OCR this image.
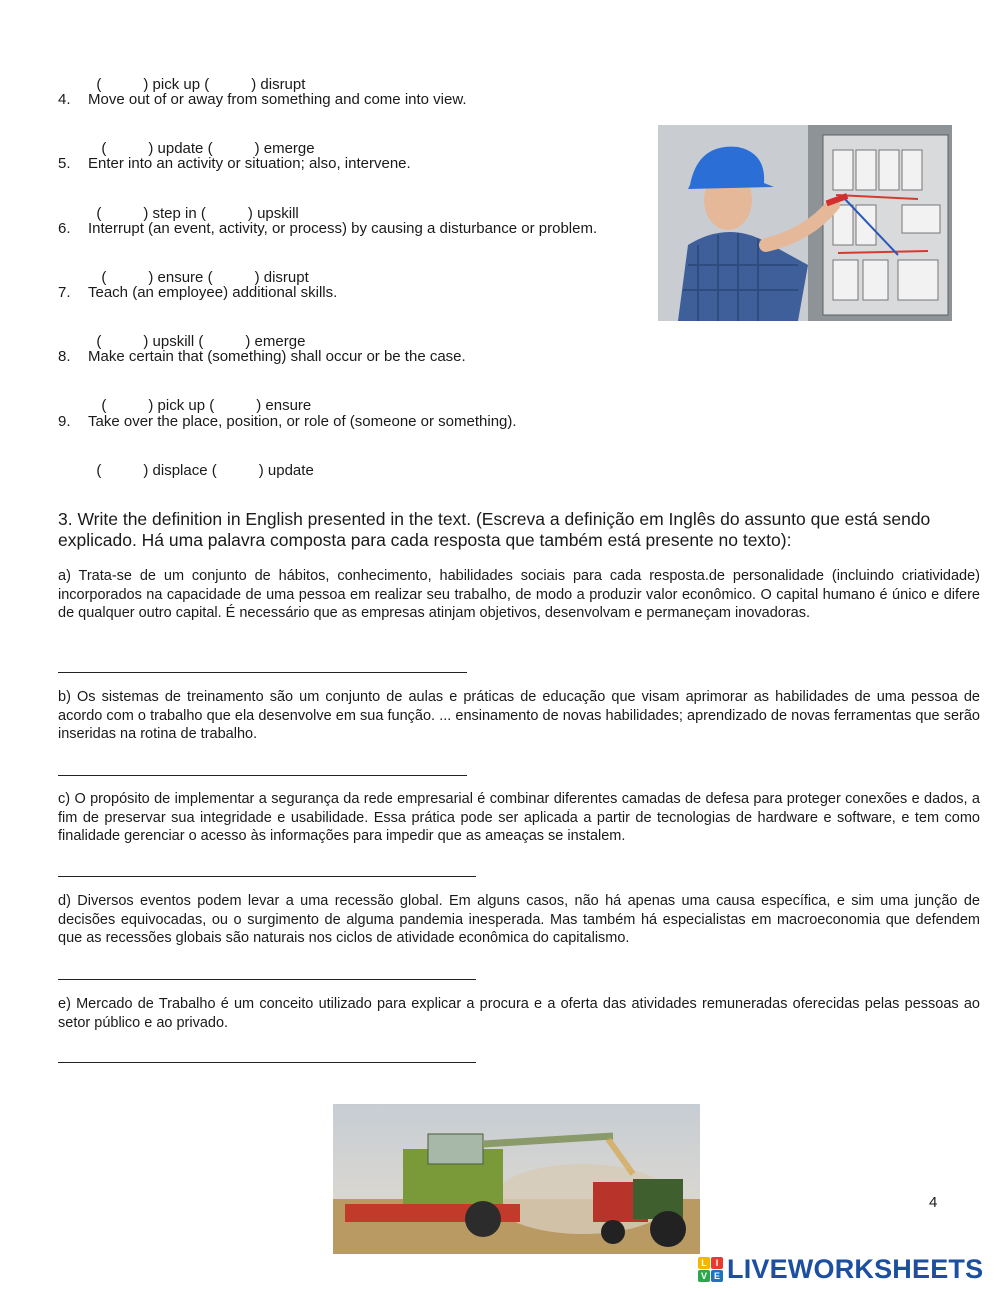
(	) pick up (	) disrupt

4. Move out of or away from something and come into view.

(	) update (	) emerge

5. Enter into an activity or situation; also, intervene.

(	) step in (	) upskill

6. Interrupt (an event, activity, or process) by causing a disturbance or problem.

(	) ensure (	) disrupt

7. Teach (an employee) additional skills.

(	) upskill (	) emerge

8. Make certain that (something) shall occur or be the case.

(	) pick up (	) ensure

9. Take over the place, position, or role of (someone or something).

(	) displace (	) update

3. Write the definition in English presented in the text. (Escreva a definição em Inglês do assunto que está sendo explicado. Há uma palavra composta para cada resposta que também está presente no texto):
a) Trata-se de um conjunto de hábitos, conhecimento, habilidades sociais para cada resposta.de personalidade (incluindo criatividade) incorporados na capacidade de uma pessoa em realizar seu trabalho, de modo a produzir valor econômico. O capital humano é único e difere de qualquer outro capital. É necessário que as empresas atinjam objetivos, desenvolvam e permaneçam inovadoras.
b) Os sistemas de treinamento são um conjunto de aulas e práticas de educação que visam aprimorar as habilidades de uma pessoa de acordo com o trabalho que ela desenvolve em sua função. ... ensinamento de novas habilidades; aprendizado de novas ferramentas que serão inseridas na rotina de trabalho.
c) O propósito de implementar a segurança da rede empresarial é combinar diferentes camadas de defesa para proteger conexões e dados, a fim de preservar sua integridade e usabilidade. Essa prática pode ser aplicada a partir de tecnologias de hardware e software, e tem como finalidade gerenciar o acesso às informações para impedir que as ameaças se instalem.
d) Diversos eventos podem levar a uma recessão global. Em alguns casos, não há apenas uma causa específica, e sim uma junção de decisões equivocadas, ou o surgimento de alguma pandemia inesperada. Mas também há especialistas em macroeconomia que defendem que as recessões globais são naturais nos ciclos de atividade econômica do capitalismo.
e) Mercado de Trabalho é um conceito utilizado para explicar a procura e a oferta das atividades remuneradas oferecidas pelas pessoas ao setor público e ao privado.
4
L I
V E LIVEWORKSHEETS
